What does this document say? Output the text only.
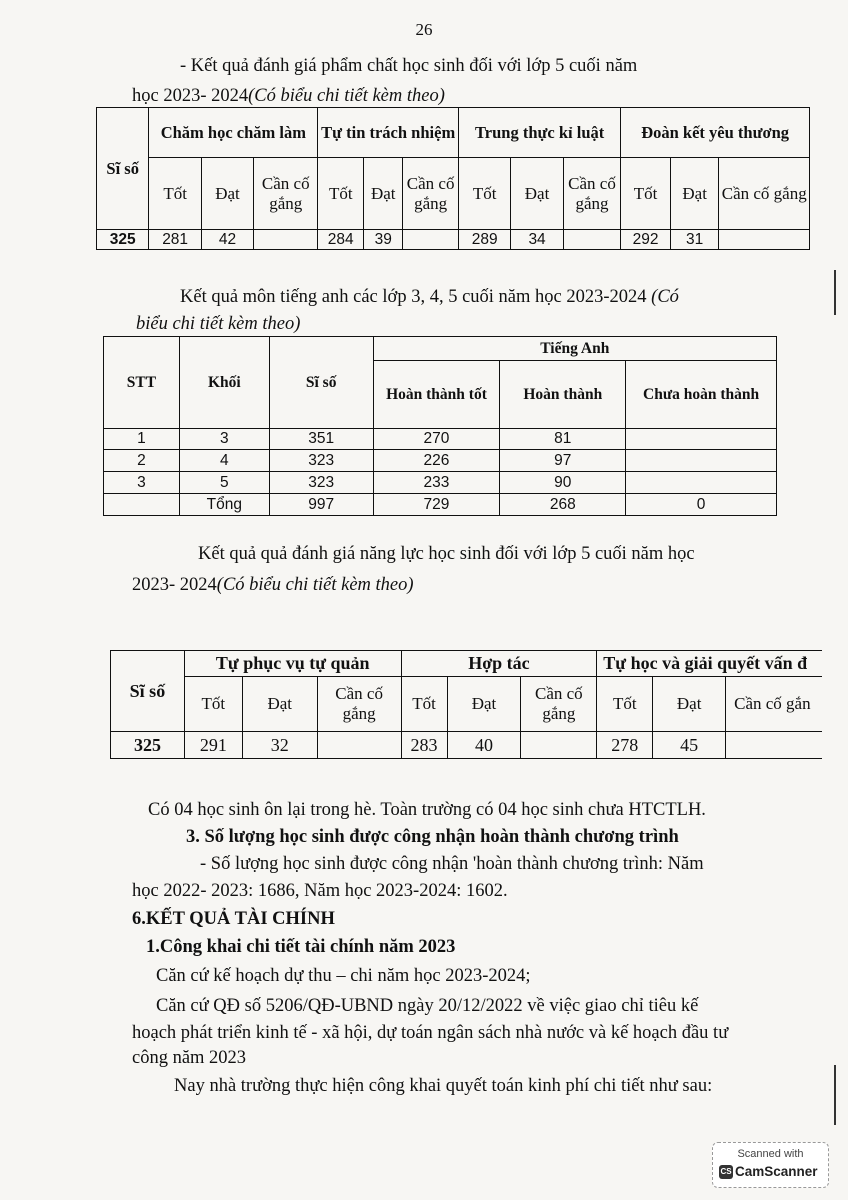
26
- Kết quả đánh giá phẩm chất học sinh đối với lớp 5 cuối năm
học 2023- 2024(Có biểu chi tiết kèm theo)
Sĩ số	Chăm học chăm làm			Tự tin trách nhiệm			Trung thực kỉ luật			Đoàn kết yêu thương		
	Tốt	Đạt	Cần cố gắng	Tốt	Đạt	Cần cố gắng	Tốt	Đạt	Cần cố gắng	Tốt	Đạt	Cần cố gắng
325	281	42		284	39		289	34		292	31	
Kết quả môn tiếng anh các lớp 3, 4, 5 cuối năm học 2023-2024 (Có
biểu chi tiết kèm theo)
STT	Khối	Sĩ số	Tiếng Anh		
			Hoàn thành tốt	Hoàn thành	Chưa hoàn thành
1	3	351	270	81	
2	4	323	226	97	
3	5	323	233	90	
	Tổng	997	729	268	0
Kết quả quả đánh giá năng lực học sinh đối với lớp 5 cuối năm học
2023- 2024(Có biểu chi tiết kèm theo)
Sĩ số	Tự phục vụ tự quản			Hợp tác			Tự học và giải quyết vấn đ		
	Tốt	Đạt	Cần cố gắng	Tốt	Đạt	Cần cố gắng	Tốt	Đạt	Cần cố gắn
325	291	32		283	40		278	45	
Có 04 học sinh ôn lại trong hè. Toàn trường có 04 học sinh chưa HTCTLH.
3. Số lượng học sinh được công nhận hoàn thành chương trình
- Số lượng học sinh được công nhận 'hoàn thành chương trình: Năm
học 2022- 2023: 1686, Năm học 2023-2024: 1602.
6.KẾT QUẢ TÀI CHÍNH
1.Công khai chi tiết tài chính năm 2023
Căn cứ kế hoạch dự thu – chi năm học 2023-2024;
Căn cứ QĐ số 5206/QĐ-UBND ngày 20/12/2022 về việc giao chỉ tiêu kế
hoạch phát triển kinh tế - xã hội, dự toán ngân sách nhà nước và kế hoạch đầu tư
công năm 2023
Nay nhà trường thực hiện công khai quyết toán kinh phí chi tiết như sau:
Scanned with
CS CamScanner
